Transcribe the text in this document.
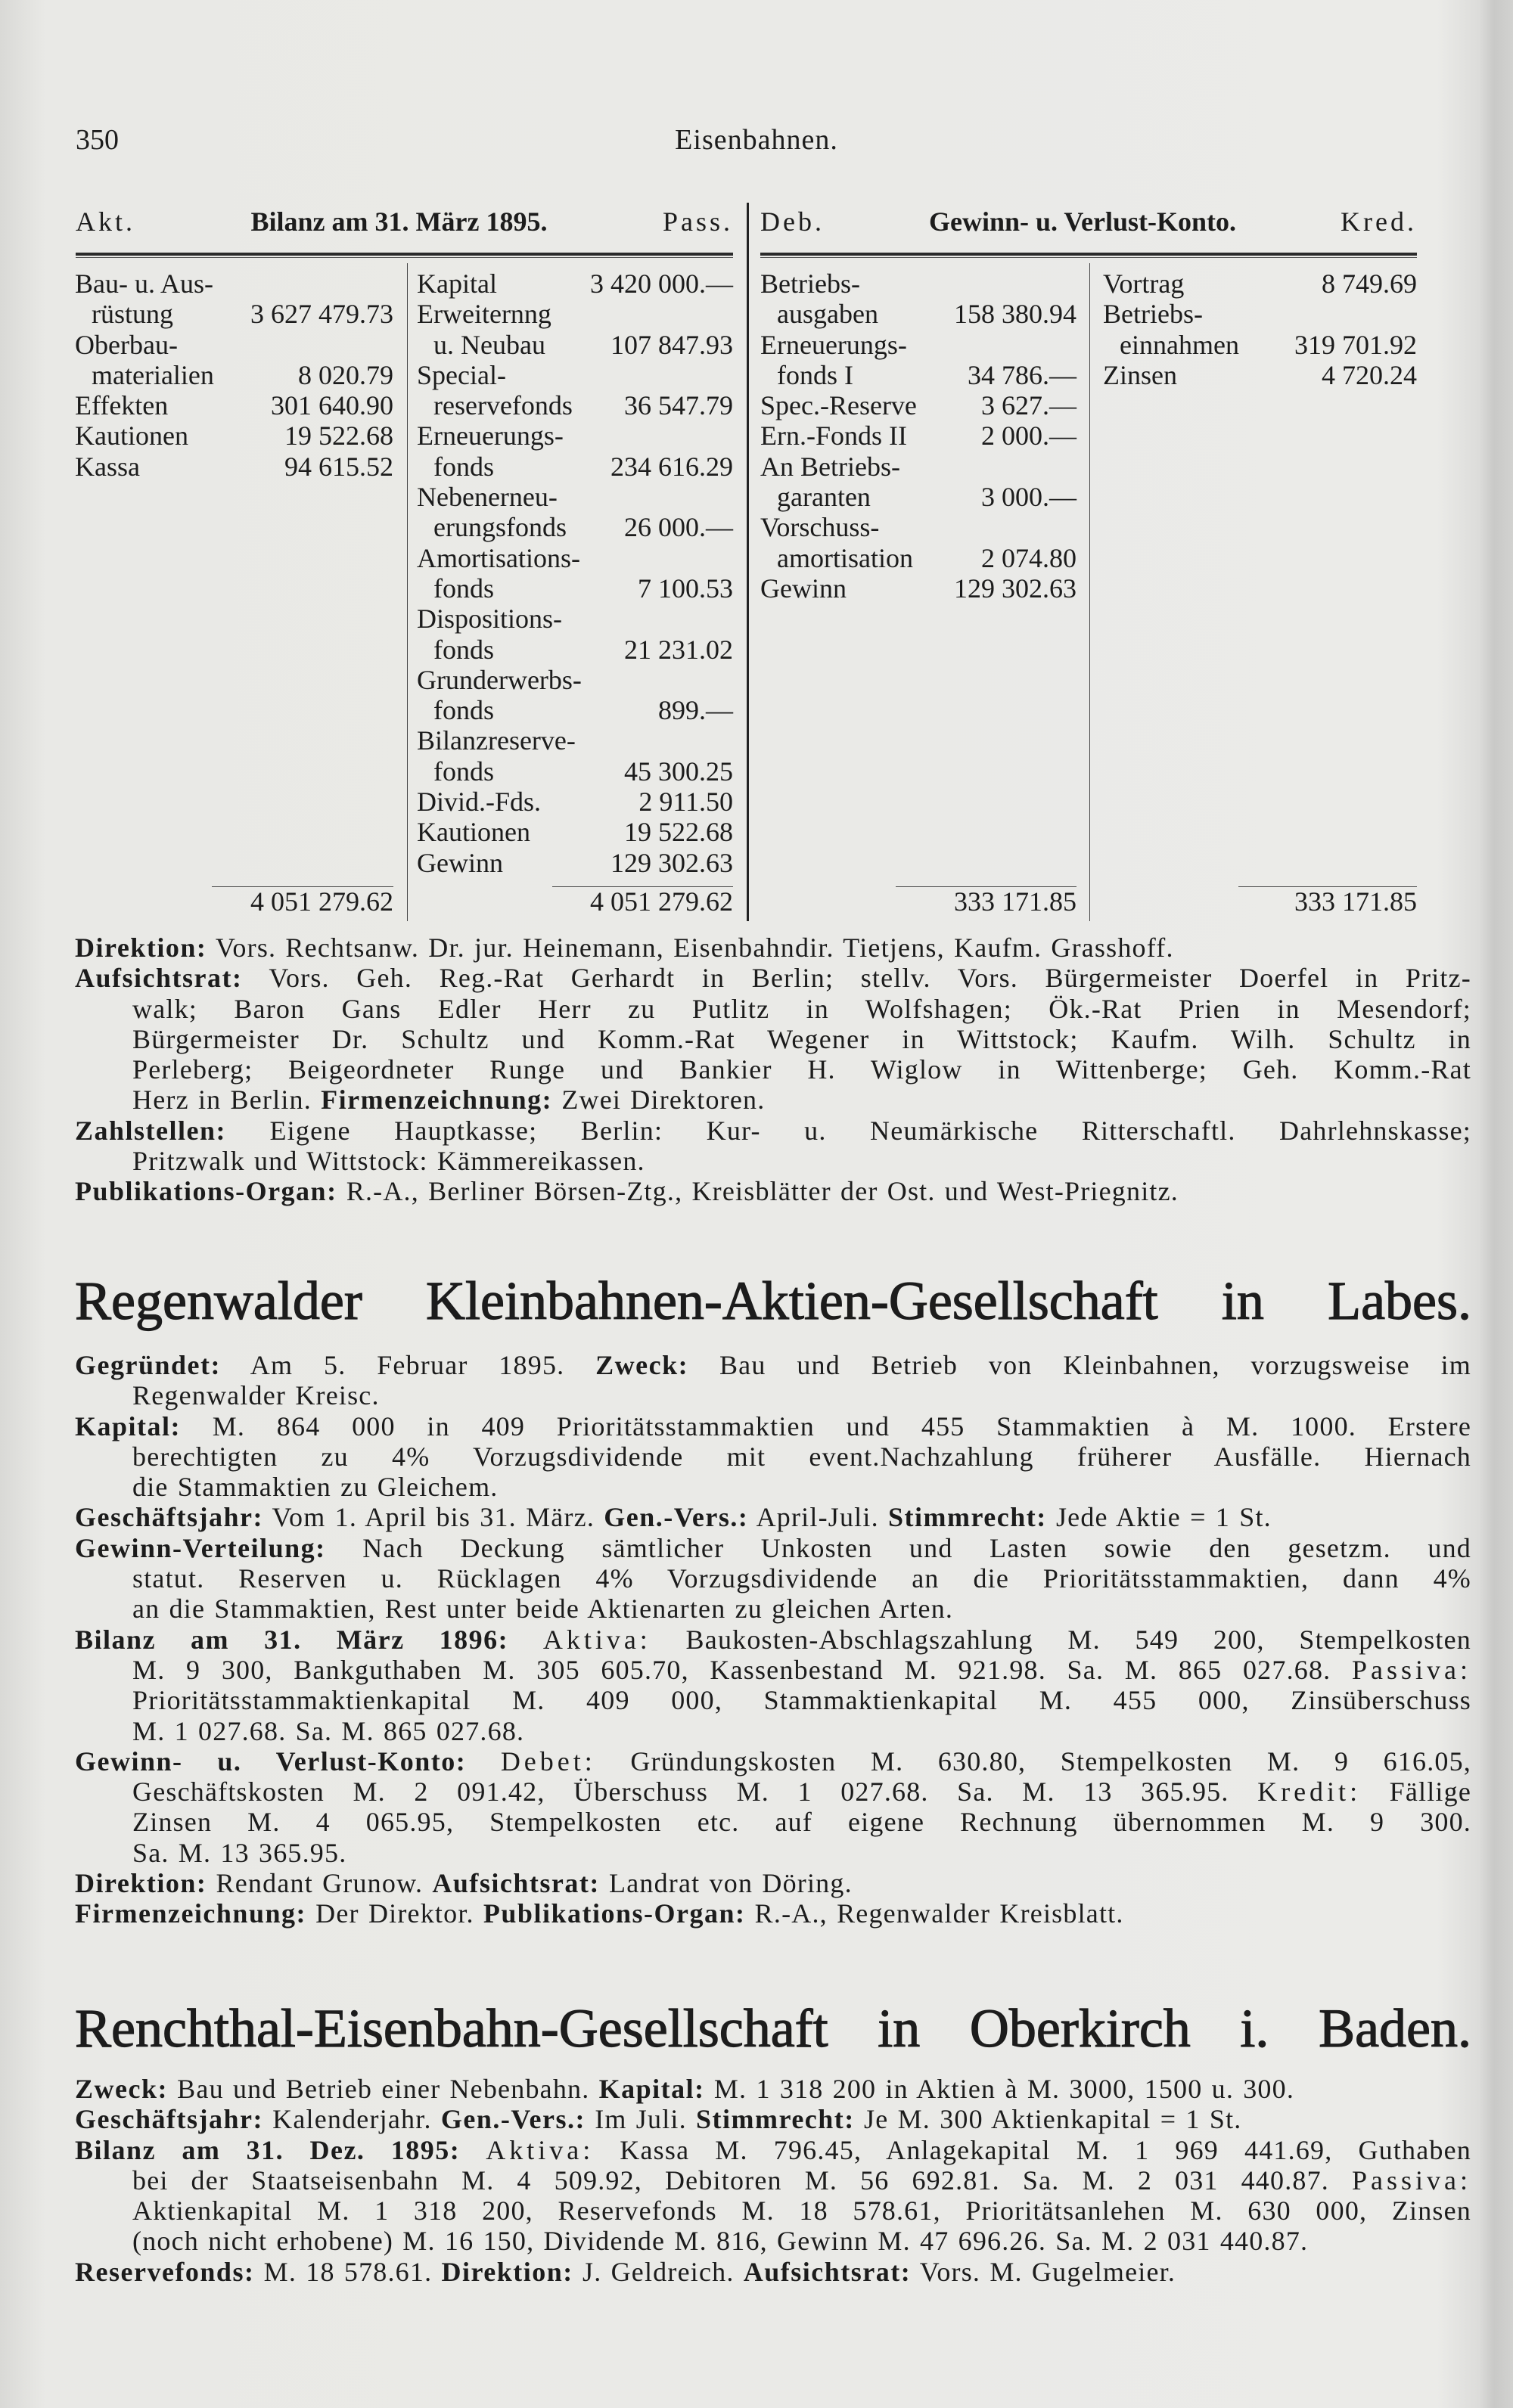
350	Eisenbahnen.
Akt.	Bilanz am 31. März 1895.	Pass. Deb.	Gewinn- u. Verlust-Konto.	Kred.
Bau- u. Aus-
rüstung	3 627 479.73
Oberbau-
materialien	8 020.79
Effekten	301 640.90
Kautionen	19 522.68
Kassa	94 615.52
Kapital	3 420 000.—
Erweiternng
u. Neubau 107 847.93
Special-
reservefonds 36 547.79
Erneuerungs-
fonds	234 616.29
Nebenerneu-
erungsfonds 26 000.—
Amortisations-
fonds	7 100.53
Dispositions-
fonds	21 231.02
Grunderwerbs-
fonds	899.—
Bilanzreserve-
fonds	45 300.25
Divid.-Fds.	2 911.50
Kautionen	19 522.68
Gewinn	129 302.63
Betriebs-
ausgaben	158 380.94
Erneuerungs-
fonds I	34 786.—
Spec.-Reserve 3 627.—
Ern.-Fonds II	2 000.—
An Betriebs-
garanten	3 000.—
Vorschuss-
amortisation	2 074.80
Gewinn	129 302.63
Vortrag	8 749.69
Betriebs-
einnahmen 319 701.92
Zinsen	4 720.24
4 051 279.62	4 051 279.62	333 171.85	333 171.85
Direktion: Vors. Rechtsanw. Dr. jur. Heinemann, Eisenbahndir. Tietjens, Kaufm. Grasshoff.
Aufsichtsrat: Vors. Geh. Reg.-Rat Gerhardt in Berlin; stellv. Vors. Bürgermeister Doerfel in Pritz-
walk; Baron Gans Edler Herr zu Putlitz in Wolfshagen; Ök.-Rat Prien in Mesendorf;
Bürgermeister Dr. Schultz und Komm.-Rat Wegener in Wittstock; Kaufm. Wilh. Schultz in
Perleberg; Beigeordneter Runge und Bankier H. Wiglow in Wittenberge; Geh. Komm.-Rat
Herz in Berlin. Firmenzeichnung: Zwei Direktoren.
Zahlstellen: Eigene Hauptkasse; Berlin: Kur- u. Neumärkische Ritterschaftl. Dahrlehnskasse;
Pritzwalk und Wittstock: Kämmereikassen.
Publikations-Organ: R.-A., Berliner Börsen-Ztg., Kreisblätter der Ost. und West-Priegnitz.
Regenwalder Kleinbahnen-Aktien-Gesellschaft in Labes.
Gegründet: Am 5. Februar 1895. Zweck: Bau und Betrieb von Kleinbahnen, vorzugsweise im
Regenwalder Kreisc.
Kapital: M. 864 000 in 409 Prioritätsstammaktien und 455 Stammaktien à M. 1000. Erstere
berechtigten zu 4% Vorzugsdividende mit event.Nachzahlung früherer Ausfälle. Hiernach
die Stammaktien zu Gleichem.
Geschäftsjahr: Vom 1. April bis 31. März. Gen.-Vers.: April-Juli. Stimmrecht: Jede Aktie = 1 St.
Gewinn-Verteilung: Nach Deckung sämtlicher Unkosten und Lasten sowie den gesetzm. und
statut. Reserven u. Rücklagen 4% Vorzugsdividende an die Prioritätsstammaktien, dann 4%
an die Stammaktien, Rest unter beide Aktienarten zu gleichen Arten.
Bilanz am 31. März 1896: Aktiva: Baukosten-Abschlagszahlung M. 549 200, Stempelkosten
M. 9 300, Bankguthaben M. 305 605.70, Kassenbestand M. 921.98. Sa. M. 865 027.68. Passiva:
Prioritätsstammaktienkapital M. 409 000, Stammaktienkapital M. 455 000, Zinsüberschuss
M. 1 027.68. Sa. M. 865 027.68.
Gewinn- u. Verlust-Konto: Debet: Gründungskosten M. 630.80, Stempelkosten M. 9 616.05,
Geschäftskosten M. 2 091.42, Überschuss M. 1 027.68. Sa. M. 13 365.95. Kredit: Fällige
Zinsen M. 4 065.95, Stempelkosten etc. auf eigene Rechnung übernommen M. 9 300.
Sa. M. 13 365.95.
Direktion: Rendant Grunow. Aufsichtsrat: Landrat von Döring.
Firmenzeichnung: Der Direktor. Publikations-Organ: R.-A., Regenwalder Kreisblatt.
Renchthal-Eisenbahn-Gesellschaft in Oberkirch i. Baden.
Zweck: Bau und Betrieb einer Nebenbahn. Kapital: M. 1 318 200 in Aktien à M. 3000, 1500 u. 300.
Geschäftsjahr: Kalenderjahr. Gen.-Vers.: Im Juli. Stimmrecht: Je M. 300 Aktienkapital = 1 St.
Bilanz am 31. Dez. 1895: Aktiva: Kassa M. 796.45, Anlagekapital M. 1 969 441.69, Guthaben
bei der Staatseisenbahn M. 4 509.92, Debitoren M. 56 692.81. Sa. M. 2 031 440.87. Passiva:
Aktienkapital M. 1 318 200, Reservefonds M. 18 578.61, Prioritätsanlehen M. 630 000, Zinsen
(noch nicht erhobene) M. 16 150, Dividende M. 816, Gewinn M. 47 696.26. Sa. M. 2 031 440.87.
Reservefonds: M. 18 578.61. Direktion: J. Geldreich. Aufsichtsrat: Vors. M. Gugelmeier.
